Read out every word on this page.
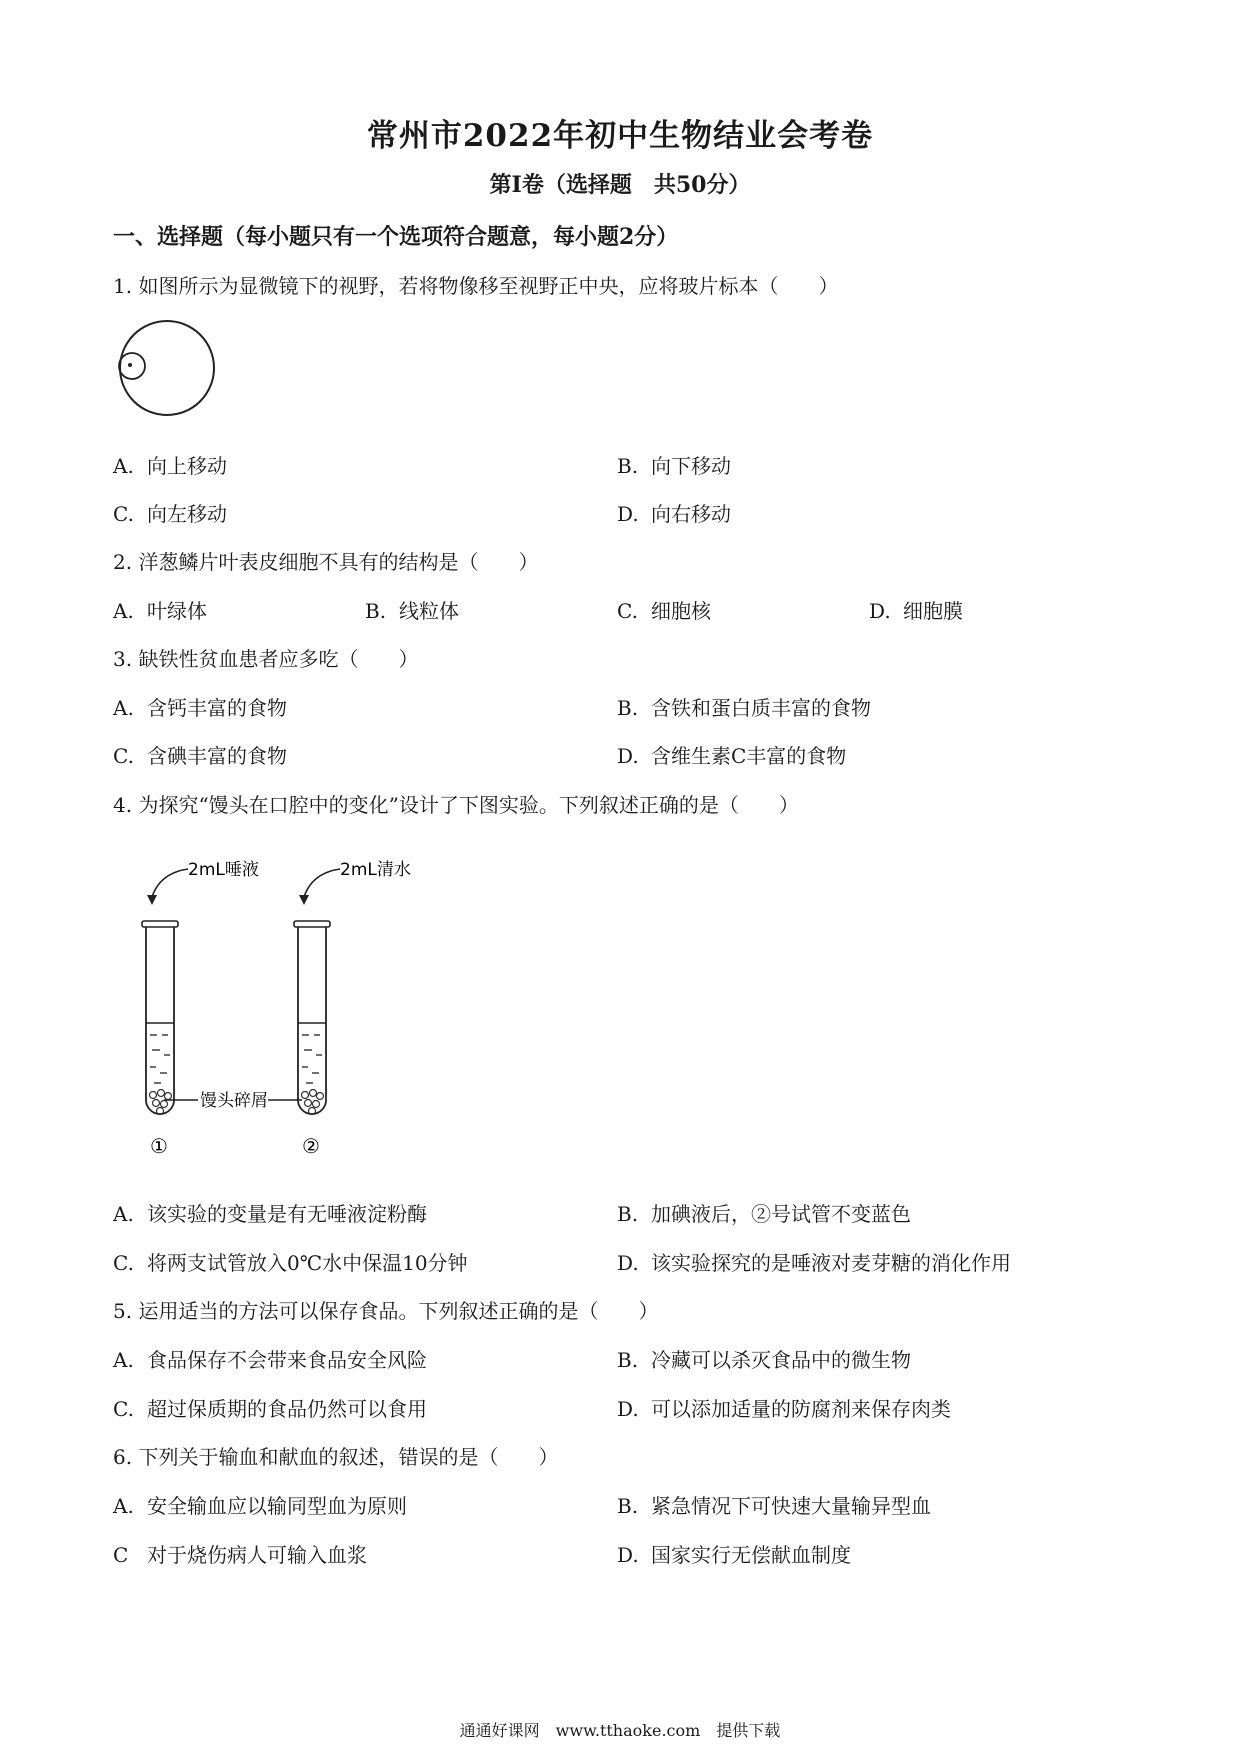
常州市2022年初中生物结业会考卷
第Ⅰ卷（选择题　共50分）
一、选择题（每小题只有一个选项符合题意，每小题2分）
1. 如图所示为显微镜下的视野，若将物像移至视野正中央，应将玻片标本（　　）
A. 向上移动	B. 向下移动
C. 向左移动	D. 向右移动
2. 洋葱鳞片叶表皮细胞不具有的结构是（　　）
A. 叶绿体	B. 线粒体	C. 细胞核	D. 细胞膜
3. 缺铁性贫血患者应多吃（　　）
A. 含钙丰富的食物	B. 含铁和蛋白质丰富的食物
C. 含碘丰富的食物	D. 含维生素C丰富的食物
4. 为探究“馒头在口腔中的变化”设计了下图实验。下列叙述正确的是（　　）
2mL唾液	2mL清水
馒头碎屑
①	②
A. 该实验的变量是有无唾液淀粉酶	B. 加碘液后，②号试管不变蓝色
C. 将两支试管放入0℃水中保温10分钟	D. 该实验探究的是唾液对麦芽糖的消化作用
5. 运用适当的方法可以保存食品。下列叙述正确的是（　　）
A. 食品保存不会带来食品安全风险	B. 冷藏可以杀灭食品中的微生物
C. 超过保质期的食品仍然可以食用	D. 可以添加适量的防腐剂来保存肉类
6. 下列关于输血和献血的叙述，错误的是（　　）
A. 安全输血应以输同型血为原则	B. 紧急情况下可快速大量输异型血
C 对于烧伤病人可输入血浆	D. 国家实行无偿献血制度
通通好课网　www.tthaoke.com　提供下载
